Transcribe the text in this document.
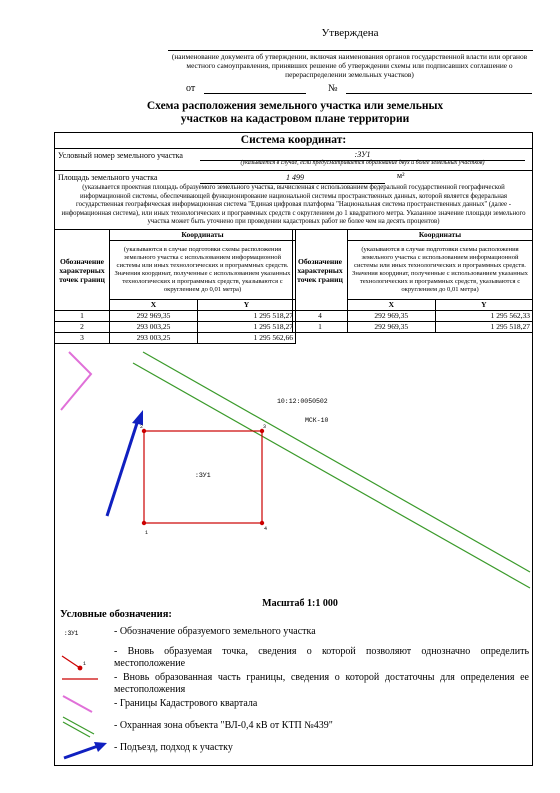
Утверждена
(наименование документа об утверждении, включая наименования органов государственной власти или органов местного самоуправления, принявших решение об утверждении схемы или подписавших соглашение о перераспределении земельных участков)
от	№
Схема расположения земельного участка или земельных
участков на кадастровом плане территории
Система координат:
Условный номер земельного участка	:ЗУ1
(указывается в случае, если предусматривается образование двух и более земельных участков)
Площадь земельного участка	1 499	м²
(указывается проектная площадь образуемого земельного участка, вычисленная с использованием федеральной государственной географической информационной системы, обеспечивающей функционирование национальной системы пространственных данных, которой является федеральная государственная географическая информационная система "Единая цифровая платформа "Национальная система пространственных данных" (далее - информационная система), или иных технологических и программных средств с округлением до 1 квадратного метра. Указанное значение площади земельного участка может быть уточнено при проведении кадастровых работ не более чем на десять процентов)
Обозначение характерных точек границ	Координаты	
	(указываются в случае подготовки схемы расположения земельного участка с использованием информационной системы или иных технологических и программных средств. Значения координат, полученные с использованием указанных технологических и программных средств, указываются с округлением до 0,01 метра)	
	X	Y
1	292 969,35	1 295 518,27
2	293 003,25	1 295 518,27
3	293 003,25	1 295 562,66
Обозначение характерных точек границ	Координаты	
	(указываются в случае подготовки схемы расположения земельного участка с использованием информационной системы или иных технологических и программных средств. Значения координат, полученные с использованием указанных технологических и программных средств, указываются с округлением до 0,01 метра)	
	X	Y
4	292 969,35	1 295 562,33
1	292 969,35	1 295 518,27
1
2	3
4
:ЗУ1
10:12:0050502
МСК-10
Масштаб 1:1 000
Условные обозначения:
:ЗУ1	- Обозначение образуемого земельного участка
1
- Вновь образуемая точка, сведения о которой позволяют однозначно определить местоположение
- Вновь образованная часть границы, сведения о которой достаточны для определения ее местоположения
- Границы Кадастрового квартала
- Охранная зона объекта "ВЛ-0,4 кВ от КТП №439"
- Подъезд, подход к участку
